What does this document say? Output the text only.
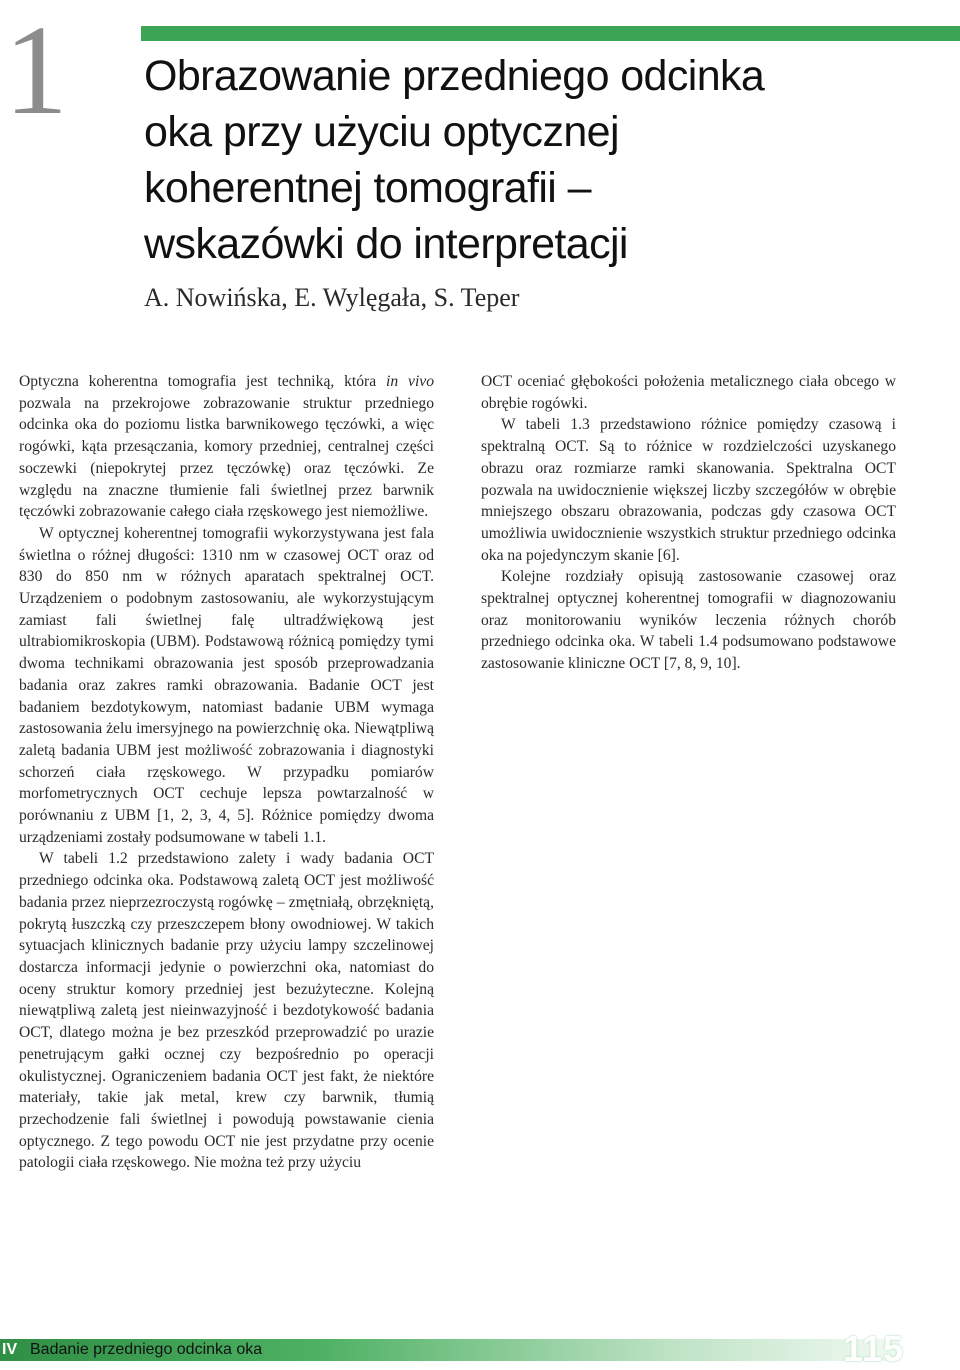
1 Obrazowanie przedniego odcinka
oka przy użyciu optycznej
koherentnej tomografii –
wskazówki do interpretacji
A. Nowińska, E. Wylęgała, S. Teper

Optyczna koherentna tomografia jest techniką, która in vivo pozwala na przekrojowe zobrazowanie struktur przedniego odcinka oka do poziomu listka barwnikowego tęczówki, a więc rogówki, kąta przesączania, komory przedniej, centralnej części soczewki (niepokrytej przez tęczówkę) oraz tęczówki. Ze względu na znaczne tłumienie fali świetlnej przez barwnik tęczówki zobrazowanie całego ciała rzęskowego jest niemożliwe.

W optycznej koherentnej tomografii wykorzystywana jest fala świetlna o różnej długości: 1310 nm w czasowej OCT oraz od 830 do 850 nm w różnych aparatach spektralnej OCT. Urządzeniem o podobnym zastosowaniu, ale wykorzystującym zamiast fali świetlnej falę ultradźwiękową jest ultrabiomikroskopia (UBM). Podstawową różnicą pomiędzy tymi dwoma technikami obrazowania jest sposób przeprowadzania badania oraz zakres ramki obrazowania. Badanie OCT jest badaniem bezdotykowym, natomiast badanie UBM wymaga zastosowania żelu imersyjnego na powierzchnię oka. Niewątpliwą zaletą badania UBM jest możliwość zobrazowania i diagnostyki schorzeń ciała rzęskowego. W przypadku pomiarów morfometrycznych OCT cechuje lepsza powtarzalność w porównaniu z UBM [1, 2, 3, 4, 5]. Różnice pomiędzy dwoma urządzeniami zostały podsumowane w tabeli 1.1.

W tabeli 1.2 przedstawiono zalety i wady badania OCT przedniego odcinka oka. Podstawową zaletą OCT jest możliwość badania przez nieprzezroczystą rogówkę – zmętniałą, obrzękniętą, pokrytą łuszczką czy przeszczepem błony owodniowej. W takich sytuacjach klinicznych badanie przy użyciu lampy szczelinowej dostarcza informacji jedynie o powierzchni oka, natomiast do oceny struktur komory przedniej jest bezużyteczne. Kolejną niewątpliwą zaletą jest nieinwazyjność i bezdotykowość badania OCT, dlatego można je bez przeszkód przeprowadzić po urazie penetrującym gałki ocznej czy bezpośrednio po operacji okulistycznej. Ograniczeniem badania OCT jest fakt, że niektóre materiały, takie jak metal, krew czy barwnik, tłumią przechodzenie fali świetlnej i powodują powstawanie cienia optycznego. Z tego powodu OCT nie jest przydatne przy ocenie patologii ciała rzęskowego. Nie można też przy użyciu

OCT oceniać głębokości położenia metalicznego ciała obcego w obrębie rogówki.

W tabeli 1.3 przedstawiono różnice pomiędzy czasową i spektralną OCT. Są to różnice w rozdzielczości uzyskanego obrazu oraz rozmiarze ramki skanowania. Spektralna OCT pozwala na uwidocznienie większej liczby szczegółów w obrębie mniejszego obszaru obrazowania, podczas gdy czasowa OCT umożliwia uwidocznienie wszystkich struktur przedniego odcinka oka na pojedynczym skanie [6].

Kolejne rozdziały opisują zastosowanie czasowej oraz spektralnej optycznej koherentnej tomografii w diagnozowaniu oraz monitorowaniu wyników leczenia różnych chorób przedniego odcinka oka. W tabeli 1.4 podsumowano podstawowe zastosowanie kliniczne OCT [7, 8, 9, 10].

IV Badanie przedniego odcinka oka	115
